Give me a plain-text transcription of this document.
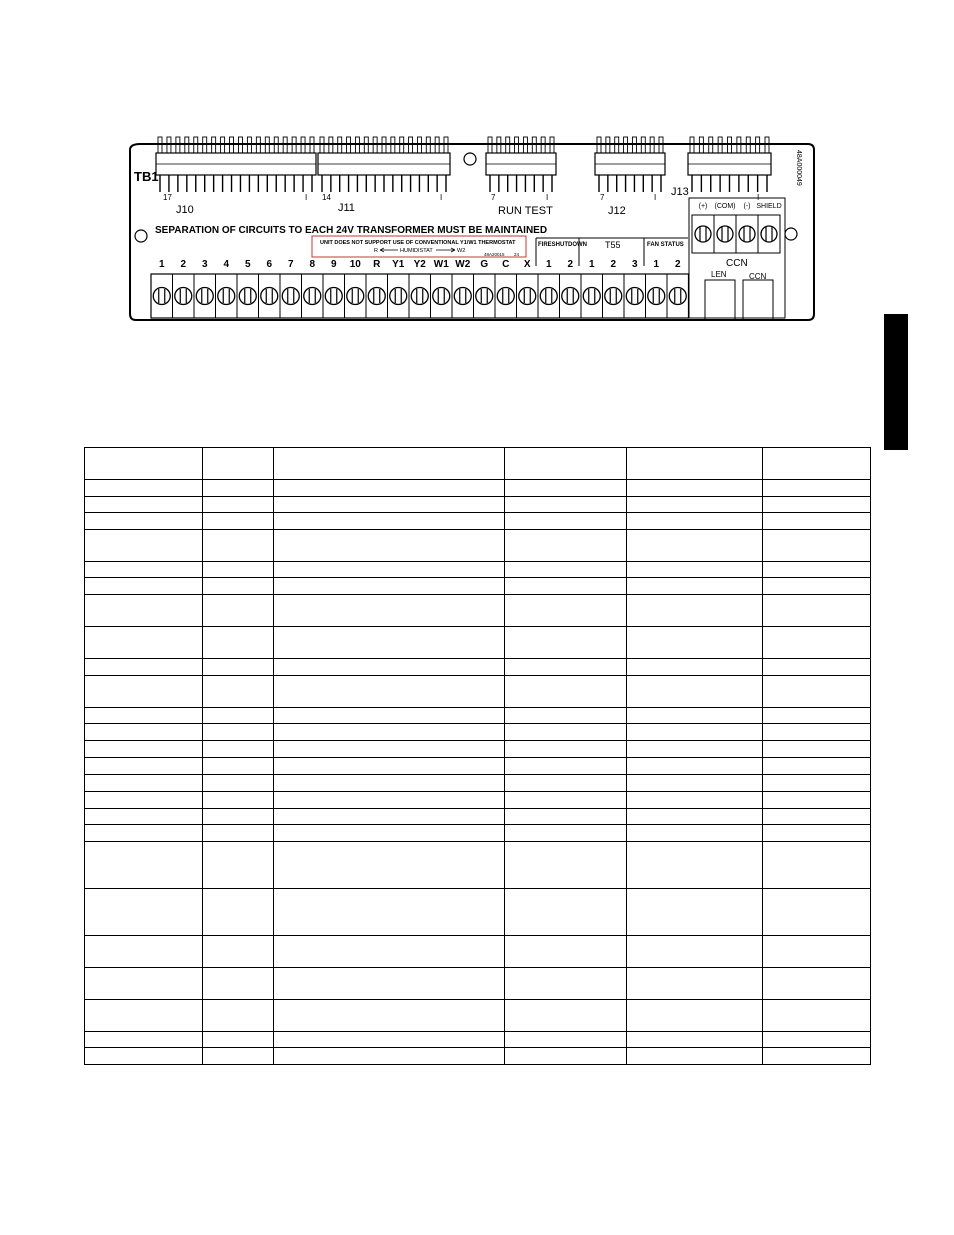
TB1	48A000049
17	I
J10
14	I
J11
7	I
RUN TEST
7	I
J12
I
J13
SEPARATION OF CIRCUITS TO EACH 24V TRANSFORMER MUST BE MAINTAINED
UNIT DOES NOT SUPPORT USE OF CONVENTIONAL Y1/W1 THERMOSTAT
R	HUMIDISTAT	W2
48A20015 24
FIRESHUTDOWN T55	FAN STATUS
1 2 3 4 5 6 7 8 9 10 R Y1 Y2 W1 W2 G C X 1 2 1 2 3 1 2
(+) (COM) (-) SHIELD
CCN
LEN	CCN
